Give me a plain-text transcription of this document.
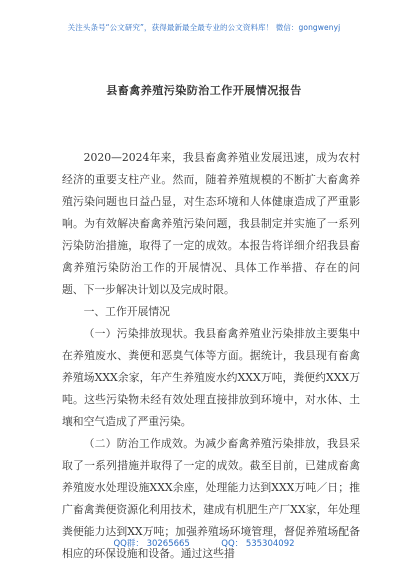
关注头条号“公文研究”，获得最新最全最专业的公文资料库！ 微信：gongwenyj
县畜禽养殖污染防治工作开展情况报告

2020—2024年来，我县畜禽养殖业发展迅速，成为农村经济的重要支柱产业。然而，随着养殖规模的不断扩大畜禽养殖污染问题也日益凸显，对生态环境和人体健康造成了严重影响。为有效解决畜禽养殖污染问题，我县制定并实施了一系列污染防治措施，取得了一定的成效。本报告将详细介绍我县畜禽养殖污染防治工作的开展情况、具体工作举措、存在的问题、下一步解决计划以及完成时限。

一、工作开展情况

（一）污染排放现状。我县畜禽养殖业污染排放主要集中在养殖废水、粪便和恶臭气体等方面。据统计，我县现有畜禽养殖场XXX余家，年产生养殖废水约XXX万吨，粪便约XXX万吨。这些污染物未经有效处理直接排放到环境中，对水体、土壤和空气造成了严重污染。

（二）防治工作成效。为减少畜禽养殖污染排放，我县采取了一系列措施并取得了一定的成效。截至目前，已建成畜禽养殖废水处理设施XXX余座，处理能力达到XXX万吨／日；推广畜禽粪便资源化利用技术，建成有机肥生产厂XX家，年处理粪便能力达到XX万吨；加强养殖场环境管理，督促养殖场配备相应的环保设施和设备。通过这些措

QQ群： 30265665	QQ： 535304092
